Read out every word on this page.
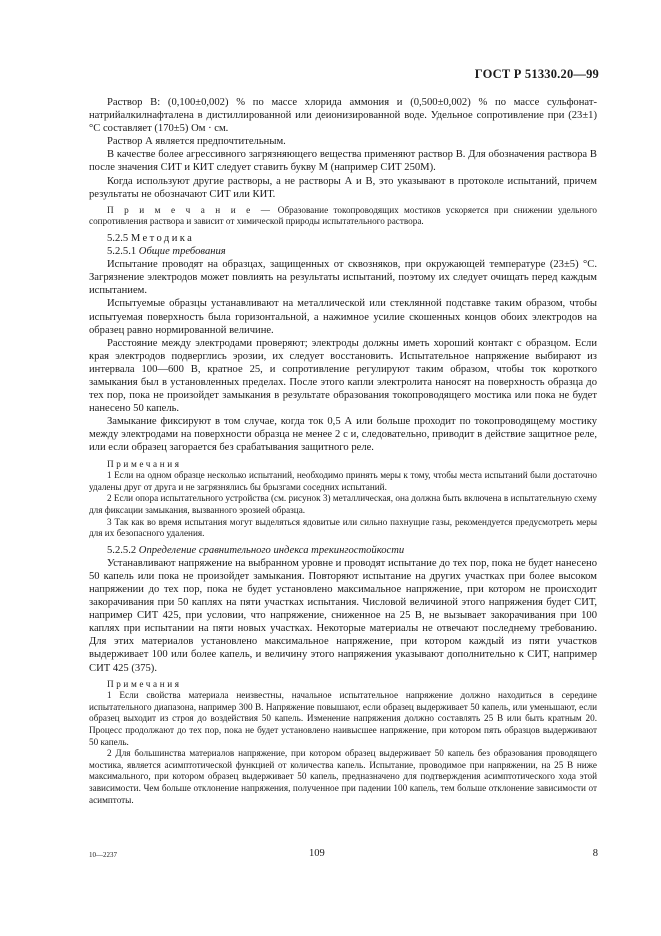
ГОСТ Р 51330.20—99

Раствор В: (0,100±0,002) % по массе хлорида аммония и (0,500±0,002) % по массе сульфонатнатрийалкилнафталена в дистиллированной или деионизированной воде. Удельное сопротивление при (23±1) °С составляет (170±5) Ом · см.

Раствор А является предпочтительным.

В качестве более агрессивного загрязняющего вещества применяют раствор В. Для обозначения раствора В после значения СИТ и КИТ следует ставить букву М (например СИТ 250М).

Когда используют другие растворы, а не растворы А и В, это указывают в протоколе испытаний, причем результаты не обозначают СИТ или КИТ.

П р и м е ч а н и е — Образование токопроводящих мостиков ускоряется при снижении удельного сопротивления раствора и зависит от химической природы испытательного раствора.

5.2.5 Методика

5.2.5.1 Общие требования

Испытание проводят на образцах, защищенных от сквозняков, при окружающей температуре (23±5) °С. Загрязнение электродов может повлиять на результаты испытаний, поэтому их следует очищать перед каждым испытанием.

Испытуемые образцы устанавливают на металлической или стеклянной подставке таким образом, чтобы испытуемая поверхность была горизонтальной, а нажимное усилие скошенных концов обоих электродов на образец равно нормированной величине.

Расстояние между электродами проверяют; электроды должны иметь хороший контакт с образцом. Если края электродов подверглись эрозии, их следует восстановить. Испытательное напряжение выбирают из интервала 100—600 В, кратное 25, и сопротивление регулируют таким образом, чтобы ток короткого замыкания был в установленных пределах. После этого капли электролита наносят на поверхность образца до тех пор, пока не произойдет замыкания в результате образования токопроводящего мостика или пока не будет нанесено 50 капель.

Замыкание фиксируют в том случае, когда ток 0,5 А или больше проходит по токопроводящему мостику между электродами на поверхности образца не менее 2 с и, следовательно, приводит в действие защитное реле, или если образец загорается без срабатывания защитного реле.

Примечания

1 Если на одном образце несколько испытаний, необходимо принять меры к тому, чтобы места испытаний были достаточно удалены друг от друга и не загрязнялись бы брызгами соседних испытаний.

2 Если опора испытательного устройства (см. рисунок 3) металлическая, она должна быть включена в испытательную схему для фиксации замыкания, вызванного эрозией образца.

3 Так как во время испытания могут выделяться ядовитые или сильно пахнущие газы, рекомендуется предусмотреть меры для их безопасного удаления.

5.2.5.2 Определение сравнительного индекса трекингостойкости

Устанавливают напряжение на выбранном уровне и проводят испытание до тех пор, пока не будет нанесено 50 капель или пока не произойдет замыкания. Повторяют испытание на других участках при более высоком напряжении до тех пор, пока не будет установлено максимальное напряжение, при котором не происходит закорачивания при 50 каплях на пяти участках испытания. Числовой величиной этого напряжения будет СИТ, например СИТ 425, при условии, что напряжение, сниженное на 25 В, не вызывает закорачивания при 100 каплях при испытании на пяти новых участках. Некоторые материалы не отвечают последнему требованию. Для этих материалов установлено максимальное напряжение, при котором каждый из пяти участков выдерживает 100 или более капель, и величину этого напряжения указывают дополнительно к СИТ, например СИТ 425 (375).

Примечания

1 Если свойства материала неизвестны, начальное испытательное напряжение должно находиться в середине испытательного диапазона, например 300 В. Напряжение повышают, если образец выдерживает 50 капель, или уменьшают, если образец выходит из строя до воздействия 50 капель. Изменение напряжения должно составлять 25 В или быть кратным 20. Процесс продолжают до тех пор, пока не будет установлено наивысшее напряжение, при котором пять образцов выдерживают 50 капель.

2 Для большинства материалов напряжение, при котором образец выдерживает 50 капель без образования проводящего мостика, является асимптотической функцией от количества капель. Испытание, проводимое при напряжении, на 25 В ниже максимального, при котором образец выдерживает 50 капель, предназначено для подтверждения асимптотического хода этой зависимости. Чем больше отклонение напряжения, полученное при падении 100 капель, тем больше отклонение зависимости от асимптоты.

10—2237	109	8
